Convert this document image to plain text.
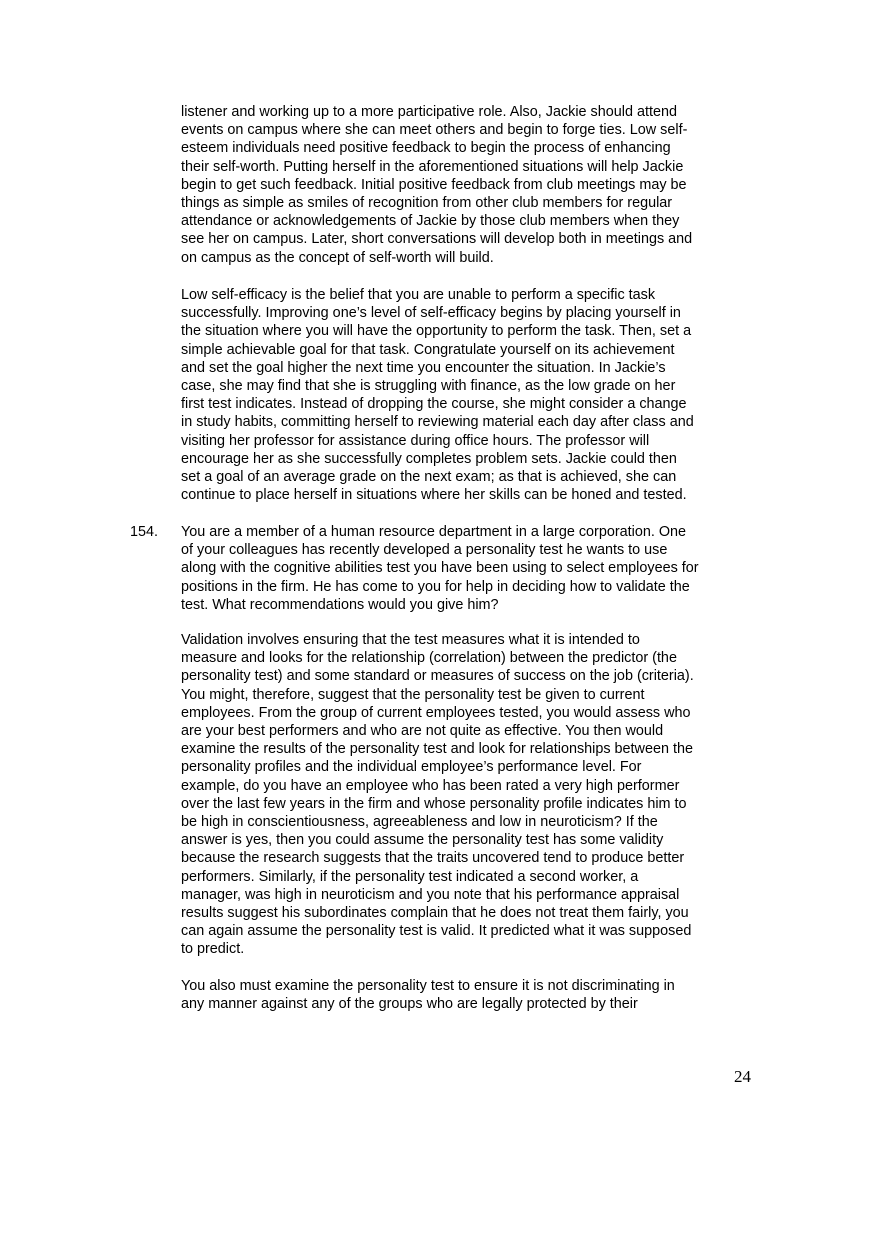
listener and working up to a more participative role. Also, Jackie should attend
events on campus where she can meet others and begin to forge ties. Low self-
esteem individuals need positive feedback to begin the process of enhancing
their self-worth. Putting herself in the aforementioned situations will help Jackie
begin to get such feedback. Initial positive feedback from club meetings may be
things as simple as smiles of recognition from other club members for regular
attendance or acknowledgements of Jackie by those club members when they
see her on campus. Later, short conversations will develop both in meetings and
on campus as the concept of self-worth will build.
Low self-efficacy is the belief that you are unable to perform a specific task
successfully. Improving one’s level of self-efficacy begins by placing yourself in
the situation where you will have the opportunity to perform the task. Then, set a
simple achievable goal for that task. Congratulate yourself on its achievement
and set the goal higher the next time you encounter the situation. In Jackie’s
case, she may find that she is struggling with finance, as the low grade on her
first test indicates. Instead of dropping the course, she might consider a change
in study habits, committing herself to reviewing material each day after class and
visiting her professor for assistance during office hours. The professor will
encourage her as she successfully completes problem sets. Jackie could then
set a goal of an average grade on the next exam; as that is achieved, she can
continue to place herself in situations where her skills can be honed and tested.

154. You are a member of a human resource department in a large corporation. One
of your colleagues has recently developed a personality test he wants to use
along with the cognitive abilities test you have been using to select employees for
positions in the firm. He has come to you for help in deciding how to validate the
test. What recommendations would you give him?
Validation involves ensuring that the test measures what it is intended to
measure and looks for the relationship (correlation) between the predictor (the
personality test) and some standard or measures of success on the job (criteria).
You might, therefore, suggest that the personality test be given to current
employees. From the group of current employees tested, you would assess who
are your best performers and who are not quite as effective. You then would
examine the results of the personality test and look for relationships between the
personality profiles and the individual employee’s performance level. For
example, do you have an employee who has been rated a very high performer
over the last few years in the firm and whose personality profile indicates him to
be high in conscientiousness, agreeableness and low in neuroticism? If the
answer is yes, then you could assume the personality test has some validity
because the research suggests that the traits uncovered tend to produce better
performers. Similarly, if the personality test indicated a second worker, a
manager, was high in neuroticism and you note that his performance appraisal
results suggest his subordinates complain that he does not treat them fairly, you
can again assume the personality test is valid. It predicted what it was supposed
to predict.
You also must examine the personality test to ensure it is not discriminating in
any manner against any of the groups who are legally protected by their
24
